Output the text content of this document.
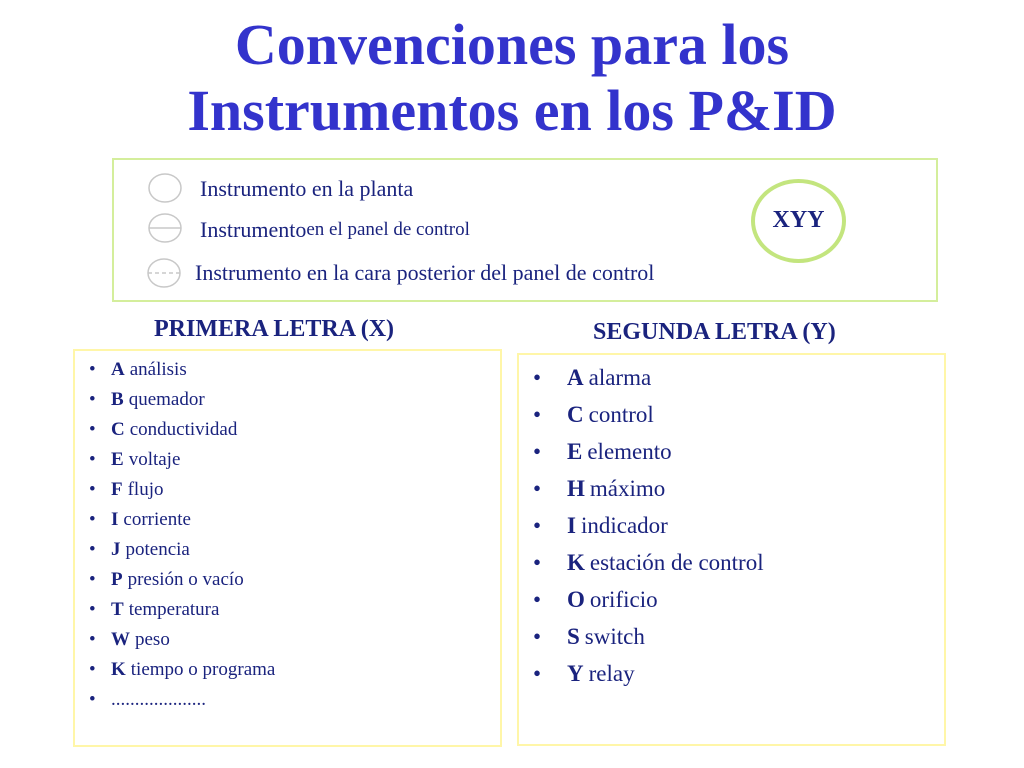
Convenciones para los
Instrumentos en los P&ID
Instrumento en la planta
Instrumento en el panel de control
Instrumento en la cara posterior del panel de control
XYY
PRIMERA LETRA (X)	SEGUNDA LETRA (Y)
• A análisis
• B quemador
• C conductividad
• E voltaje
• F flujo
• I corriente
• J potencia
• P presión o vacío
• T temperatura
• W peso
• K tiempo o programa
• ....................
•	A alarma
•	C control
•	E elemento
•	H máximo
•	I indicador
•	K estación de control
•	O orificio
•	S switch
•	Y relay
